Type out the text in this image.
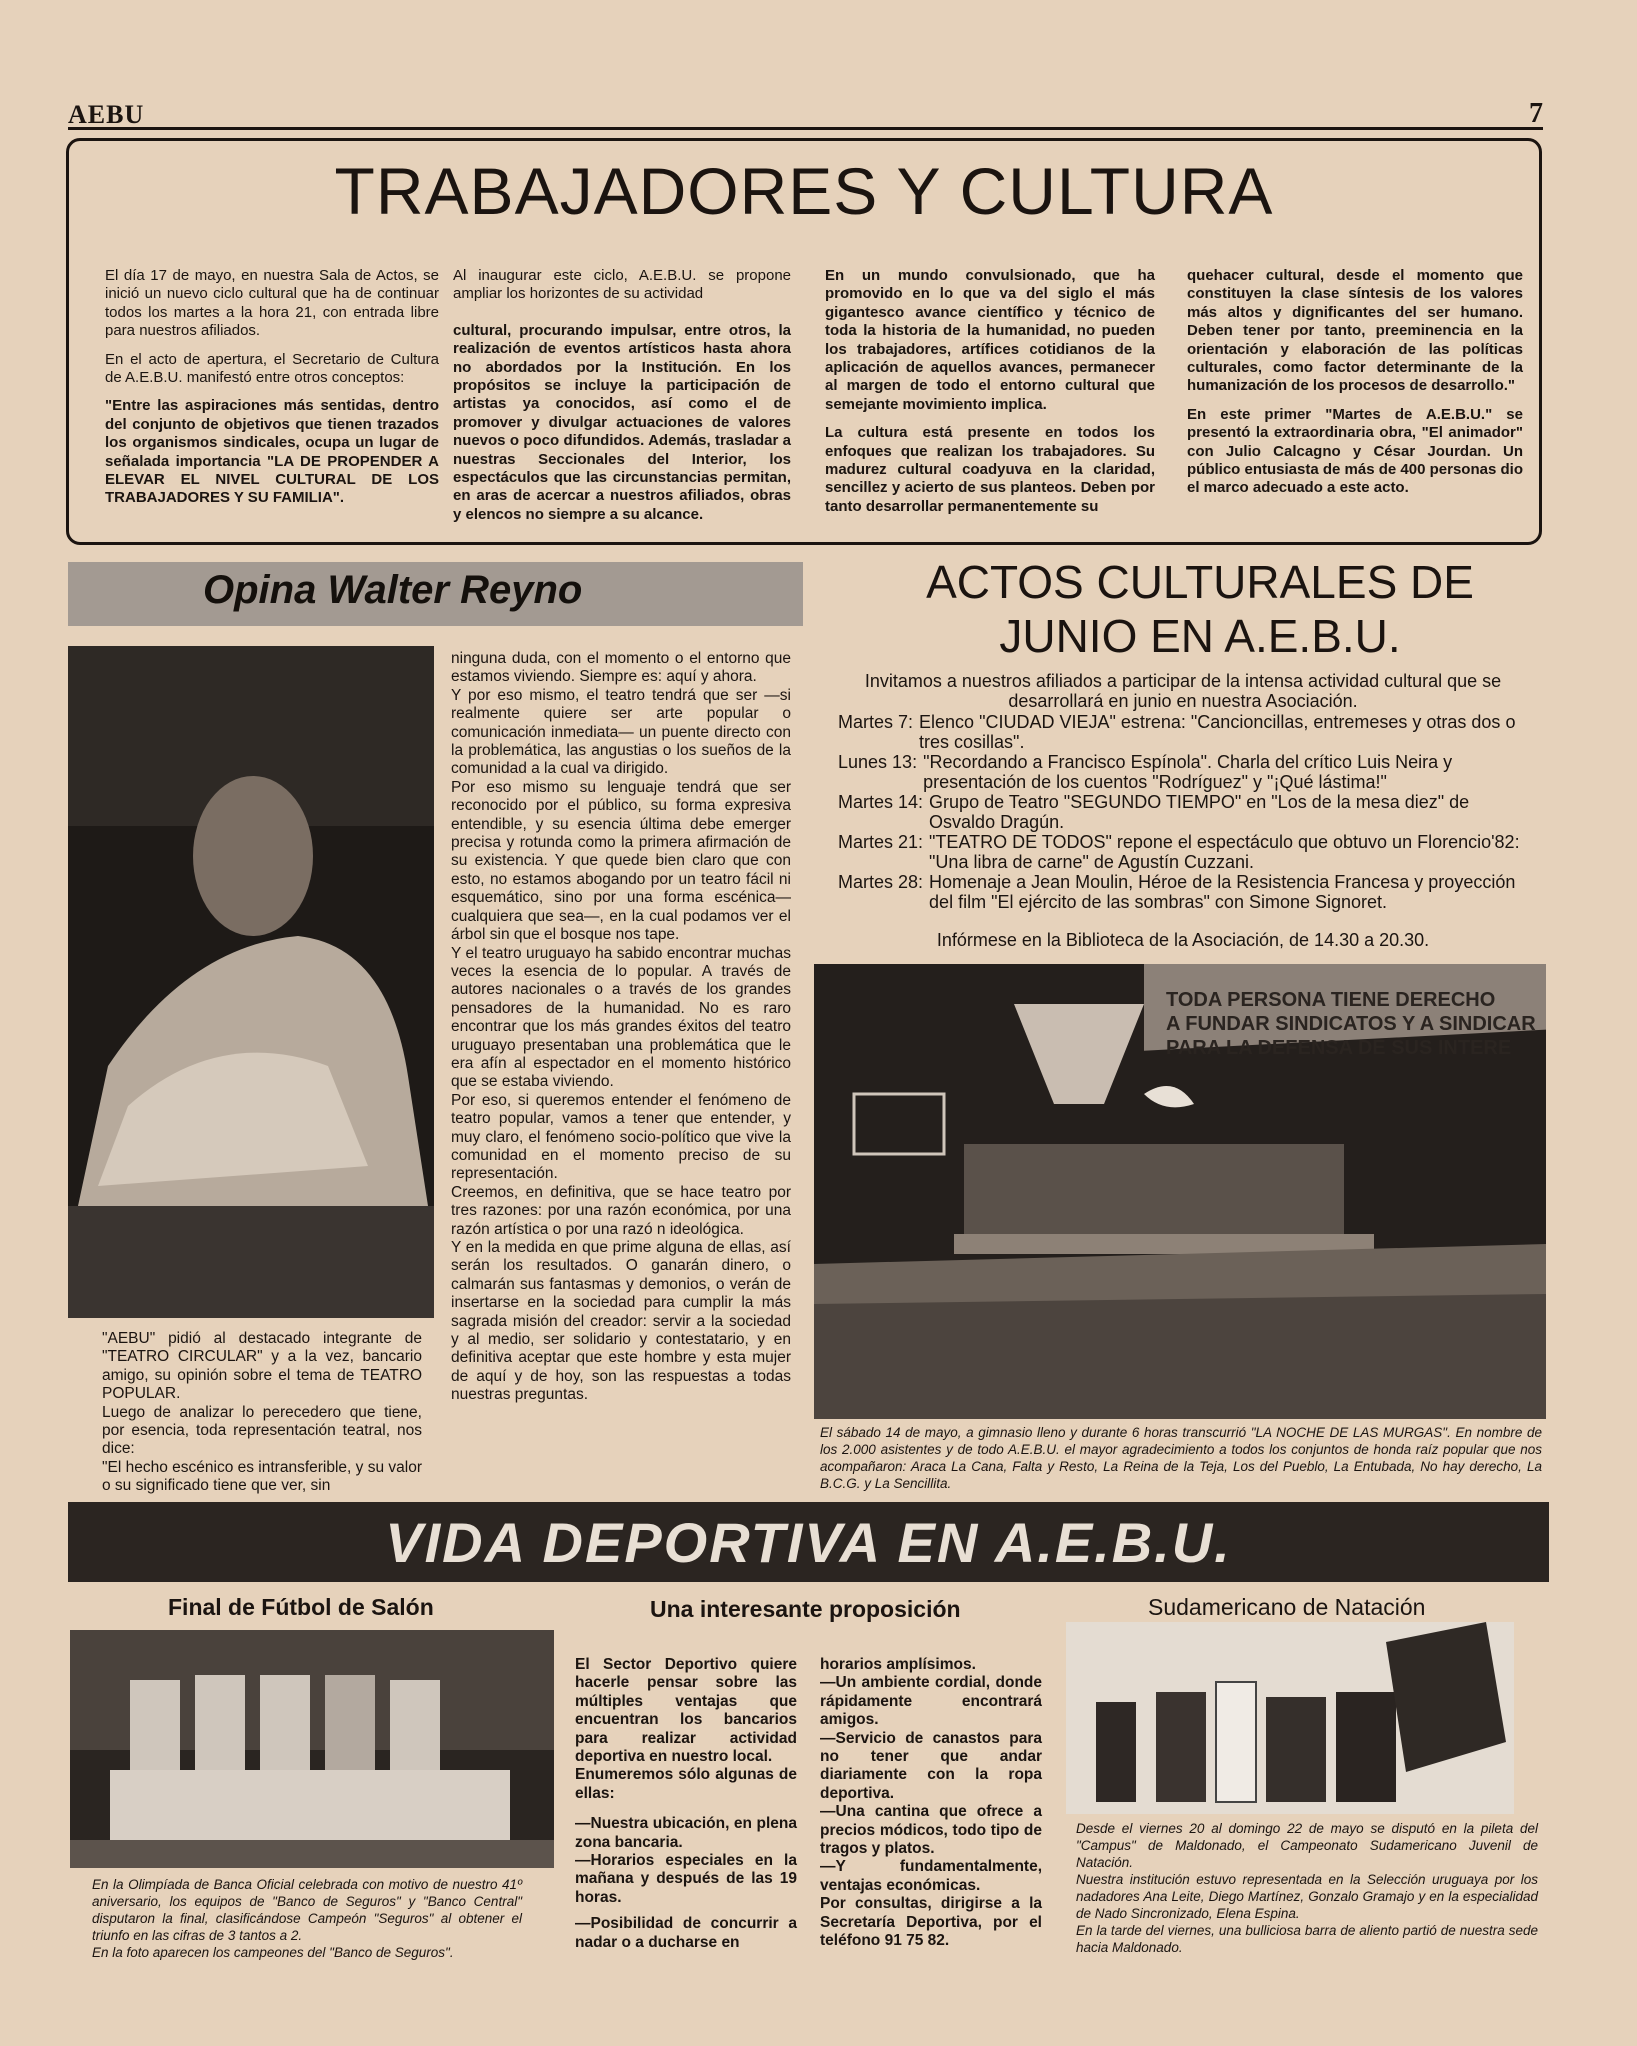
AEBU	7
TRABAJADORES Y CULTURA

El día 17 de mayo, en nuestra Sala de Actos, se inició un nuevo ciclo cultural que ha de continuar todos los martes a la hora 21, con entrada libre para nuestros afiliados.

En el acto de apertura, el Secretario de Cultura de A.E.B.U. manifestó entre otros conceptos:

"Entre las aspiraciones más sentidas, dentro del conjunto de objetivos que tienen trazados los organismos sindicales, ocupa un lugar de señalada importancia "LA DE PROPENDER A ELEVAR EL NIVEL CULTURAL DE LOS TRABAJADORES Y SU FAMILIA".

Al inaugurar este ciclo, A.E.B.U. se propone ampliar los horizontes de su actividad

cultural, procurando impulsar, entre otros, la realización de eventos artísticos hasta ahora no abordados por la Institución. En los propósitos se incluye la participación de artistas ya conocidos, así como el de promover y divulgar actuaciones de valores nuevos o poco difundidos. Además, trasladar a nuestras Seccionales del Interior, los espectáculos que las circunstancias permitan, en aras de acercar a nuestros afiliados, obras y elencos no siempre a su alcance.

En un mundo convulsionado, que ha promovido en lo que va del siglo el más gigantesco avance científico y técnico de toda la historia de la humanidad, no pueden los trabajadores, artífices cotidianos de la aplicación de aquellos avances, permanecer al margen de todo el entorno cultural que semejante movimiento implica.

La cultura está presente en todos los enfoques que realizan los trabajadores. Su madurez cultural coadyuva en la claridad, sencillez y acierto de sus planteos. Deben por tanto desarrollar permanentemente su

quehacer cultural, desde el momento que constituyen la clase síntesis de los valores más altos y dignificantes del ser humano. Deben tener por tanto, preeminencia en la orientación y elaboración de las políticas culturales, como factor determinante de la humanización de los procesos de desarrollo."

En este primer "Martes de A.E.B.U." se presentó la extraordinaria obra, "El animador" con Julio Calcagno y César Jourdan. Un público entusiasta de más de 400 personas dio el marco adecuado a este acto.

Opina Walter Reyno

"AEBU" pidió al destacado integrante de "TEATRO CIRCULAR" y a la vez, bancario amigo, su opinión sobre el tema de TEATRO POPULAR.

Luego de analizar lo perecedero que tiene, por esencia, toda representación teatral, nos dice:

"El hecho escénico es intransferible, y su valor o su significado tiene que ver, sin

ninguna duda, con el momento o el entorno que estamos viviendo. Siempre es: aquí y ahora.

Y por eso mismo, el teatro tendrá que ser —si realmente quiere ser arte popular o comunicación inmediata— un puente directo con la problemática, las angustias o los sueños de la comunidad a la cual va dirigido.

Por eso mismo su lenguaje tendrá que ser reconocido por el público, su forma expresiva entendible, y su esencia última debe emerger precisa y rotunda como la primera afirmación de su existencia. Y que quede bien claro que con esto, no estamos abogando por un teatro fácil ni esquemático, sino por una forma escénica— cualquiera que sea—, en la cual podamos ver el árbol sin que el bosque nos tape.

Y el teatro uruguayo ha sabido encontrar muchas veces la esencia de lo popular. A través de autores nacionales o a través de los grandes pensadores de la humanidad. No es raro encontrar que los más grandes éxitos del teatro uruguayo presentaban una problemática que le era afín al espectador en el momento histórico que se estaba viviendo.

Por eso, si queremos entender el fenómeno de teatro popular, vamos a tener que entender, y muy claro, el fenómeno socio-político que vive la comunidad en el momento preciso de su representación.

Creemos, en definitiva, que se hace teatro por tres razones: por una razón económica, por una razón artística o por una razó n ideológica.

Y en la medida en que prime alguna de ellas, así serán los resultados. O ganarán dinero, o calmarán sus fantasmas y demonios, o verán de insertarse en la sociedad para cumplir la más sagrada misión del creador: servir a la sociedad y al medio, ser solidario y contestatario, y en definitiva aceptar que este hombre y esta mujer de aquí y de hoy, son las respuestas a todas nuestras preguntas.

ACTOS CULTURALES DE
JUNIO EN A.E.B.U.
Invitamos a nuestros afiliados a participar de la intensa actividad cultural que se desarrollará en junio en nuestra Asociación.
Martes 7: Elenco "CIUDAD VIEJA" estrena: "Cancioncillas, entremeses y otras dos o tres cosillas".
Lunes 13: "Recordando a Francisco Espínola". Charla del crítico Luis Neira y presentación de los cuentos "Rodríguez" y "¡Qué lástima!"
Martes 14: Grupo de Teatro "SEGUNDO TIEMPO" en "Los de la mesa diez" de Osvaldo Dragún.
Martes 21: "TEATRO DE TODOS" repone el espectáculo que obtuvo un Florencio'82: "Una libra de carne" de Agustín Cuzzani.
Martes 28: Homenaje a Jean Moulin, Héroe de la Resistencia Francesa y proyección del film "El ejército de las sombras" con Simone Signoret.
Infórmese en la Biblioteca de la Asociación, de 14.30 a 20.30.
TODA PERSONA TIENE DERECHO
A FUNDAR SINDICATOS Y A SINDICAR
PARA LA DEFENSA DE SUS INTERE
El sábado 14 de mayo, a gimnasio lleno y durante 6 horas transcurrió "LA NOCHE DE LAS MURGAS". En nombre de los 2.000 asistentes y de todo A.E.B.U. el mayor agradecimiento a todos los conjuntos de honda raíz popular que nos acompañaron: Araca La Cana, Falta y Resto, La Reina de la Teja, Los del Pueblo, La Entubada, No hay derecho, La B.C.G. y La Sencillita.
VIDA DEPORTIVA EN A.E.B.U.
Final de Fútbol de Salón

En la Olimpíada de Banca Oficial celebrada con motivo de nuestro 41º aniversario, los equipos de "Banco de Seguros" y "Banco Central" disputaron la final, clasificándose Campeón "Seguros" al obtener el triunfo en las cifras de 3 tantos a 2.

En la foto aparecen los campeones del "Banco de Seguros".

Una interesante proposición

El Sector Deportivo quiere hacerle pensar sobre las múltiples ventajas que encuentran los bancarios para realizar actividad deportiva en nuestro local.

Enumeremos sólo algunas de ellas:

—Nuestra ubicación, en plena zona bancaria.

—Horarios especiales en la mañana y después de las 19 horas.

—Posibilidad de concurrir a nadar o a ducharse en

horarios amplísimos.

—Un ambiente cordial, donde rápidamente encontrará amigos.

—Servicio de canastos para no tener que andar diariamente con la ropa deportiva.

—Una cantina que ofrece a precios módicos, todo tipo de tragos y platos.

—Y fundamentalmente, ventajas económicas.

Por consultas, dirigirse a la Secretaría Deportiva, por el teléfono 91 75 82.

Sudamericano de Natación

Desde el viernes 20 al domingo 22 de mayo se disputó en la pileta del "Campus" de Maldonado, el Campeonato Sudamericano Juvenil de Natación.

Nuestra institución estuvo representada en la Selección uruguaya por los nadadores Ana Leite, Diego Martínez, Gonzalo Gramajo y en la especialidad de Nado Sincronizado, Elena Espina.

En la tarde del viernes, una bulliciosa barra de aliento partió de nuestra sede hacia Maldonado.
